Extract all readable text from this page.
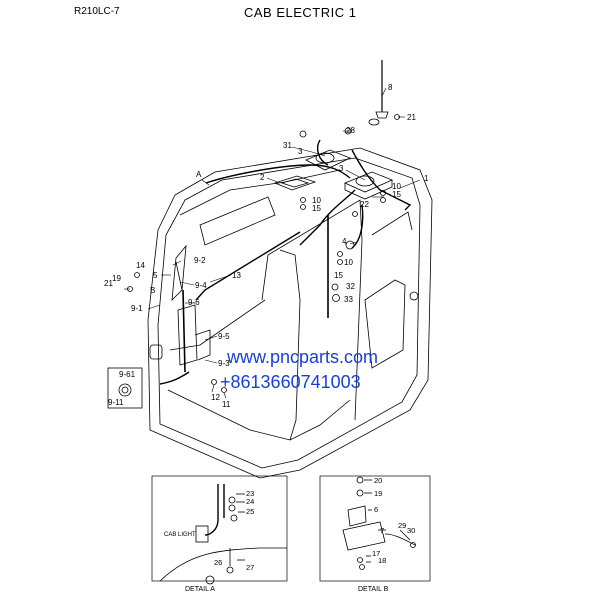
R210LC-7	CAB ELECTRIC 1
8
21
28
31
3
3
2
10
15
10
15
22
1
A
4
10
15
32
33
13
9-2
14
5
19
21	9-4
B
9-6
9-1
9-5
9-3
9-61
9-11
12
11
23
24
25
26
27
CAB LIGHT
DETAIL A
20
19
6
7
29
30
17
18
DETAIL B
www.pncparts.com
+8613660741003
